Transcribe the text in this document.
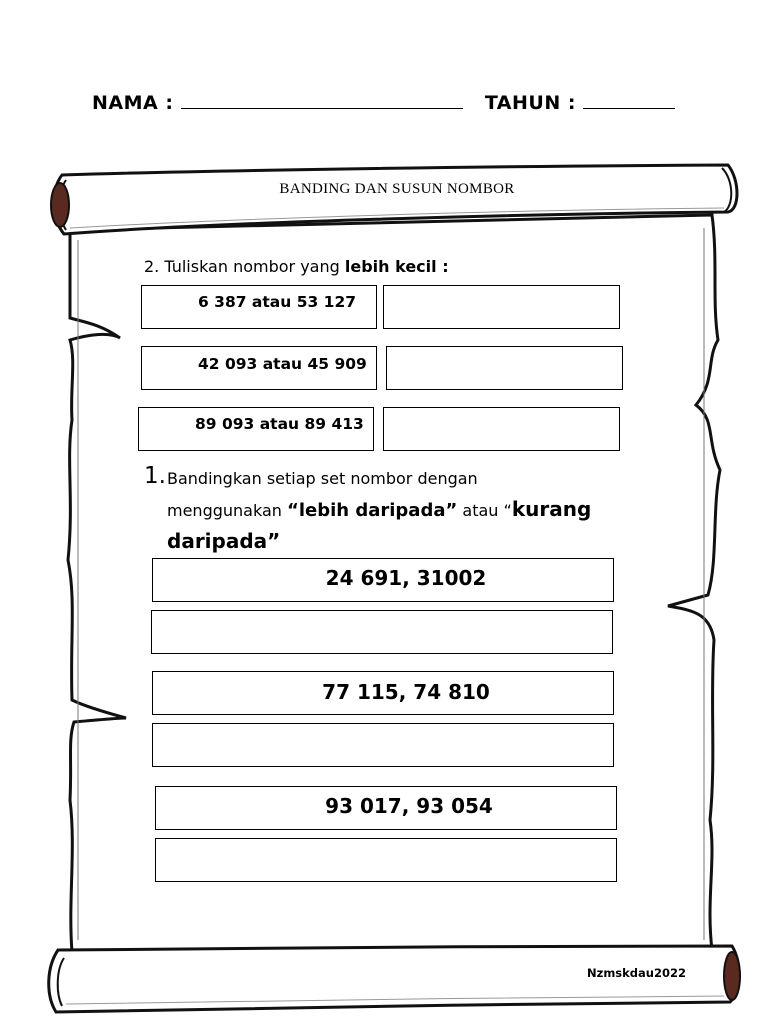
NAMA :	TAHUN :
BANDING DAN SUSUN NOMBOR
2. Tuliskan nombor yang lebih kecil :
6 387 atau 53 127
42 093 atau 45 909
89 093 atau 89 413
1. Bandingkan setiap set nombor dengan
menggunakan “lebih daripada” atau “kurang
daripada”
24 691, 31002
77 115, 74 810
93 017, 93 054
Nzmskdau2022
